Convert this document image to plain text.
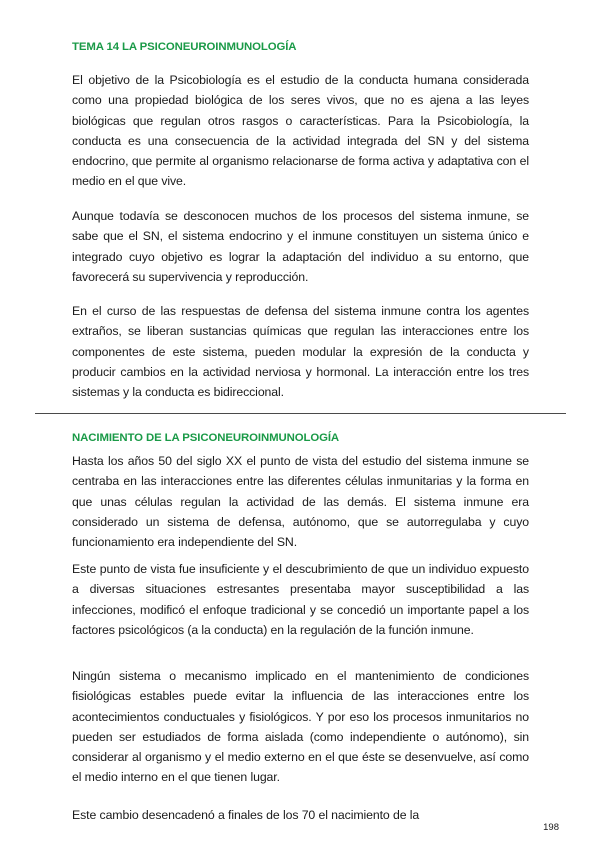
TEMA 14 LA PSICONEUROINMUNOLOGÍA

El objetivo de la Psicobiología es el estudio de la conducta humana considerada como una propiedad biológica de los seres vivos, que no es ajena a las leyes biológicas que regulan otros rasgos o características. Para la Psicobiología, la conducta es una consecuencia de la actividad integrada del SN y del sistema endocrino, que permite al organismo relacionarse de forma activa y adaptativa con el medio en el que vive.

Aunque todavía se desconocen muchos de los procesos del sistema inmune, se sabe que el SN, el sistema endocrino y el inmune constituyen un sistema único e integrado cuyo objetivo es lograr la adaptación del individuo a su entorno, que favorecerá su supervivencia y reproducción.

En el curso de las respuestas de defensa del sistema inmune contra los agentes extraños, se liberan sustancias químicas que regulan las interacciones entre los componentes de este sistema, pueden modular la expresión de la conducta y producir cambios en la actividad nerviosa y hormonal. La interacción entre los tres sistemas y la conducta es bidireccional.

NACIMIENTO DE LA PSICONEUROINMUNOLOGÍA

Hasta los años 50 del siglo XX el punto de vista del estudio del sistema inmune se centraba en las interacciones entre las diferentes células inmunitarias y la forma en que unas células regulan la actividad de las demás. El sistema inmune era considerado un sistema de defensa, autónomo, que se autorregulaba y cuyo funcionamiento era independiente del SN.

Este punto de vista fue insuficiente y el descubrimiento de que un individuo expuesto a diversas situaciones estresantes presentaba mayor susceptibilidad a las infecciones, modificó el enfoque tradicional y se concedió un importante papel a los factores psicológicos (a la conducta) en la regulación de la función inmune.

Ningún sistema o mecanismo implicado en el mantenimiento de condiciones fisiológicas estables puede evitar la influencia de las interacciones entre los acontecimientos conductuales y fisiológicos. Y por eso los procesos inmunitarios no pueden ser estudiados de forma aislada (como independiente o autónomo), sin considerar al organismo y el medio externo en el que éste se desenvuelve, así como el medio interno en el que tienen lugar.

Este cambio desencadenó a finales de los 70 el nacimiento de la

198
